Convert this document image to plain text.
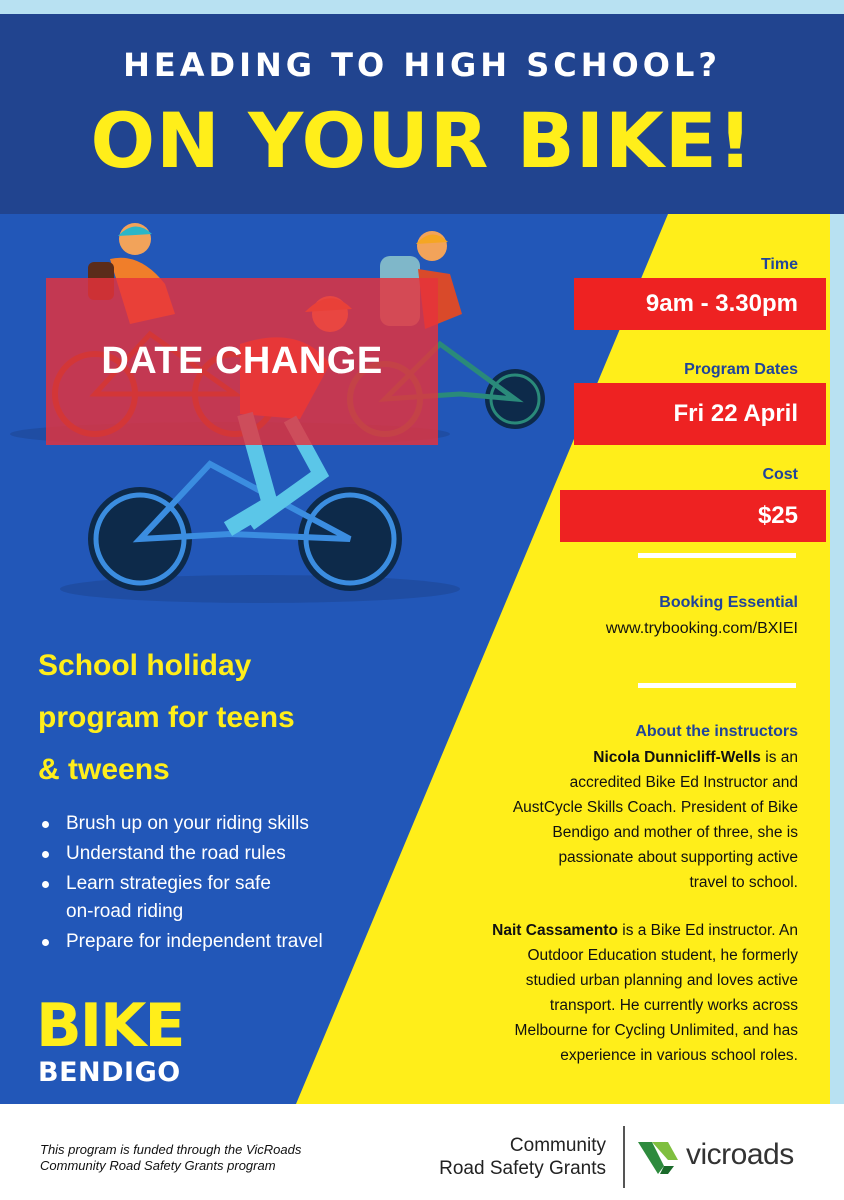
HEADING TO HIGH SCHOOL?
ON YOUR BIKE!
DATE CHANGE
Time
9am - 3.30pm
Program Dates
Fri 22 April
Cost
$25
Booking Essential
www.trybooking.com/BXIEI
About the instructors
Nicola Dunnicliff-Wells is an
accredited Bike Ed Instructor and
AustCycle Skills Coach. President of Bike
Bendigo and mother of three, she is
passionate about supporting active
travel to school.
Nait Cassamento is a Bike Ed instructor. An
Outdoor Education student, he formerly
studied urban planning and loves active
transport. He currently works across
Melbourne for Cycling Unlimited, and has
experience in various school roles.
School holiday
program for teens
& tweens
Brush up on your riding skills
Understand the road rules
Learn strategies for safe
on-road riding
Prepare for independent travel
BIKE
BENDIGO
This program is funded through the VicRoads
Community Road Safety Grants program
Community
Road Safety Grants	vicroads
